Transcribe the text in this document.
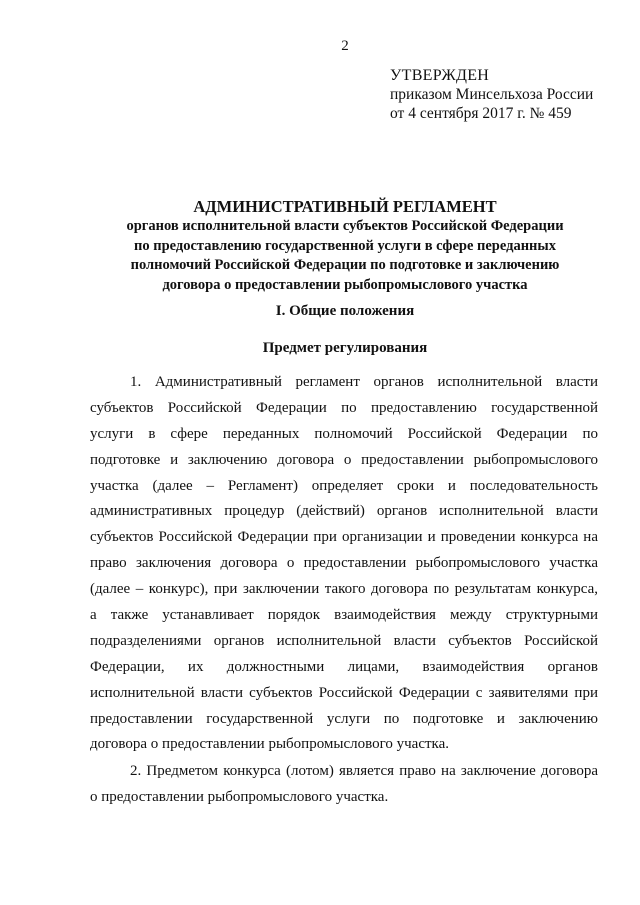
2
УТВЕРЖДЕН
приказом Минсельхоза России
от 4 сентября 2017 г. № 459
АДМИНИСТРАТИВНЫЙ РЕГЛАМЕНТ
органов исполнительной власти субъектов Российской Федерации
по предоставлению государственной услуги в сфере переданных
полномочий Российской Федерации по подготовке и заключению
договора о предоставлении рыбопромыслового участка
I. Общие положения
Предмет регулирования
1. Административный регламент органов исполнительной власти
субъектов Российской Федерации по предоставлению государственной
услуги в сфере переданных полномочий Российской Федерации по
подготовке и заключению договора о предоставлении рыбопромыслового
участка (далее – Регламент) определяет сроки и последовательность
административных процедур (действий) органов исполнительной власти
субъектов Российской Федерации при организации и проведении конкурса на
право заключения договора о предоставлении рыбопромыслового участка
(далее – конкурс), при заключении такого договора по результатам конкурса,
а также устанавливает порядок взаимодействия между структурными
подразделениями органов исполнительной власти субъектов Российской
Федерации, их должностными лицами, взаимодействия органов
исполнительной власти субъектов Российской Федерации с заявителями при
предоставлении государственной услуги по подготовке и заключению
договора о предоставлении рыбопромыслового участка.
2. Предметом конкурса (лотом) является право на заключение договора
о предоставлении рыбопромыслового участка.
